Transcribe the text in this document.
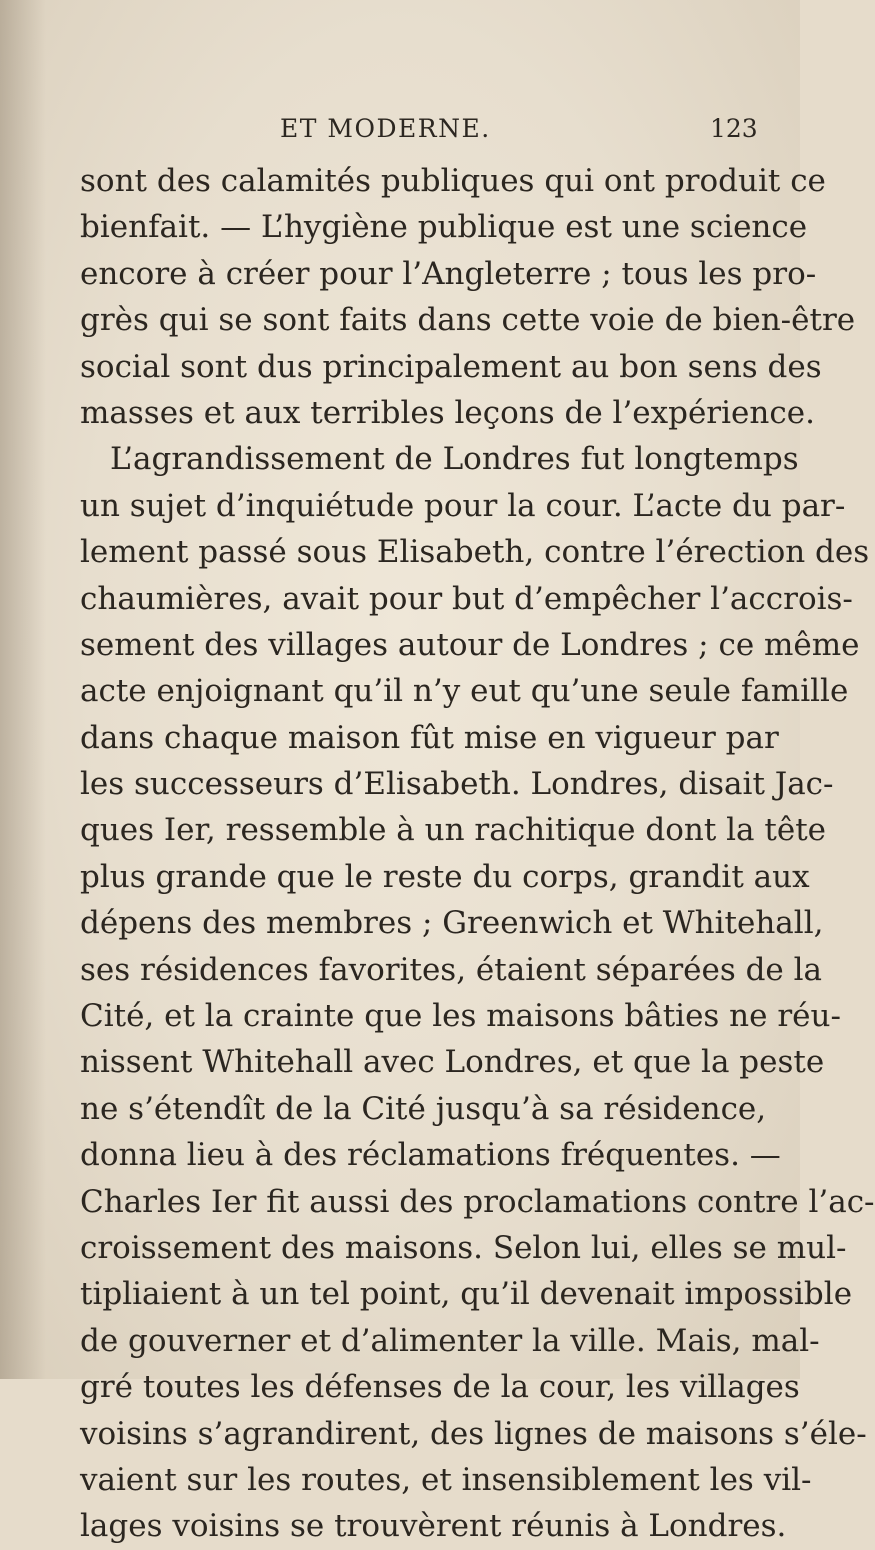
ET MODERNE.	123
sont des calamités publiques qui ont produit ce
bienfait. — L’hygiène publique est une science
encore à créer pour l’Angleterre ; tous les pro-
grès qui se sont faits dans cette voie de bien-être
social sont dus principalement au bon sens des
masses et aux terribles leçons de l’expérience.
L’agrandissement de Londres fut longtemps
un sujet d’inquiétude pour la cour. L’acte du par-
lement passé sous Elisabeth, contre l’érection des
chaumières, avait pour but d’empêcher l’accrois-
sement des villages autour de Londres ; ce même
acte enjoignant qu’il n’y eut qu’une seule famille
dans chaque maison fût mise en vigueur par
les successeurs d’Elisabeth. Londres, disait Jac-
ques Ier, ressemble à un rachitique dont la tête
plus grande que le reste du corps, grandit aux
dépens des membres ; Greenwich et Whitehall,
ses résidences favorites, étaient séparées de la
Cité, et la crainte que les maisons bâties ne réu-
nissent Whitehall avec Londres, et que la peste
ne s’étendît de la Cité jusqu’à sa résidence,
donna lieu à des réclamations fréquentes. —
Charles Ier fit aussi des proclamations contre l’ac-
croissement des maisons. Selon lui, elles se mul-
tipliaient à un tel point, qu’il devenait impossible
de gouverner et d’alimenter la ville. Mais, mal-
gré toutes les défenses de la cour, les villages
voisins s’agrandirent, des lignes de maisons s’éle-
vaient sur les routes, et insensiblement les vil-
lages voisins se trouvèrent réunis à Londres.
